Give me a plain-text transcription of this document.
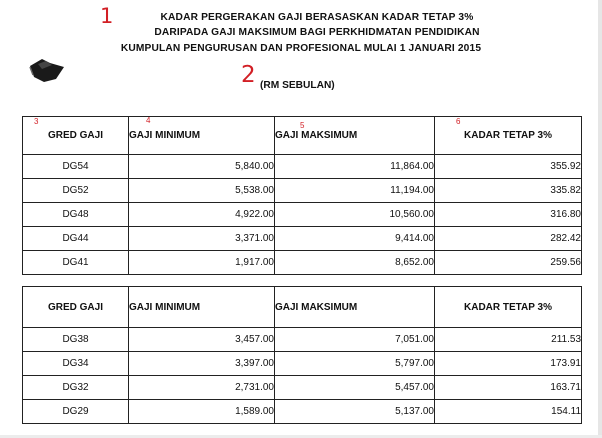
1
2
KADAR PERGERAKAN GAJI BERASASKAN KADAR TETAP 3%
DARIPADA GAJI MAKSIMUM BAGI PERKHIDMATAN PENDIDIKAN
KUMPULAN PENGURUSAN DAN PROFESIONAL MULAI 1 JANUARI 2015
(RM SEBULAN)
GRED GAJI	GAJI MINIMUM	GAJI MAKSIMUM	KADAR TETAP 3%
DG54	5,840.00	11,864.00	355.92
DG52	5,538.00	11,194.00	335.82
DG48	4,922.00	10,560.00	316.80
DG44	3,371.00	9,414.00	282.42
DG41	1,917.00	8,652.00	259.56
3	4
5	6
GRED GAJI	GAJI MINIMUM	GAJI MAKSIMUM	KADAR TETAP 3%
DG38	3,457.00	7,051.00	211.53
DG34	3,397.00	5,797.00	173.91
DG32	2,731.00	5,457.00	163.71
DG29	1,589.00	5,137.00	154.11
